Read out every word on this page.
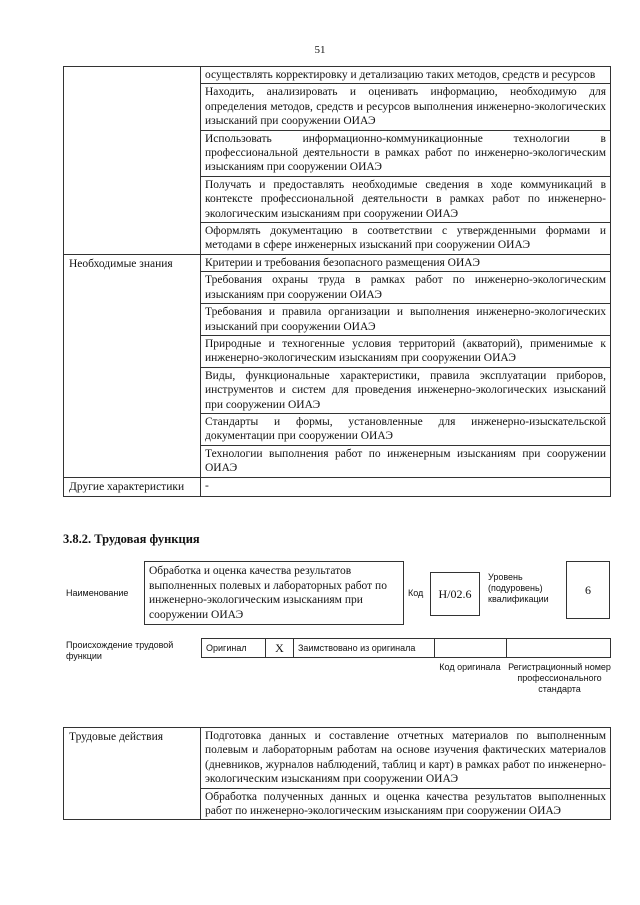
51
	осуществлять корректировку и детализацию таких методов, средств и ресурсов
	Находить, анализировать и оценивать информацию, необходимую для определения методов, средств и ресурсов выполнения инженерно-экологических изысканий при сооружении ОИАЭ
	Использовать информационно-коммуникационные технологии в профессиональной деятельности в рамках работ по инженерно-экологическим изысканиям при сооружении ОИАЭ
	Получать и предоставлять необходимые сведения в ходе коммуникаций в контексте профессиональной деятельности в рамках работ по инженерно-экологическим изысканиям при сооружении ОИАЭ
	Оформлять документацию в соответствии с утвержденными формами и методами в сфере инженерных изысканий при сооружении ОИАЭ
Необходимые знания	Критерии и требования безопасного размещения ОИАЭ
	Требования охраны труда в рамках работ по инженерно-экологическим изысканиям при сооружении ОИАЭ
	Требования и правила организации и выполнения инженерно-экологических изысканий при сооружении ОИАЭ
	Природные и техногенные условия территорий (акваторий), применимые к инженерно-экологическим изысканиям при сооружении ОИАЭ
	Виды, функциональные характеристики, правила эксплуатации приборов, инструментов и систем для проведения инженерно-экологических изысканий при сооружении ОИАЭ
	Стандарты и формы, установленные для инженерно-изыскательской документации при сооружении ОИАЭ
	Технологии выполнения работ по инженерным изысканиям при сооружении ОИАЭ
Другие характеристики	-
3.8.2. Трудовая функция
Наименование
Обработка и оценка качества результатов выполненных полевых и лабораторных работ по инженерно-экологическим изысканиям при сооружении ОИАЭ
Код	Н/02.6
Уровень (подуровень) квалификации
6
Происхождение трудовой функции
Оригинал	Х	Заимствовано из оригинала
Код оригинала Регистрационный номер профессионального стандарта
Трудовые действия	Подготовка данных и составление отчетных материалов по выполненным полевым и лабораторным работам на основе изучения фактических материалов (дневников, журналов наблюдений, таблиц и карт) в рамках работ по инженерно-экологическим изысканиям при сооружении ОИАЭ
Обработка полученных данных и оценка качества результатов выполненных работ по инженерно-экологическим изысканиям при сооружении ОИАЭ
